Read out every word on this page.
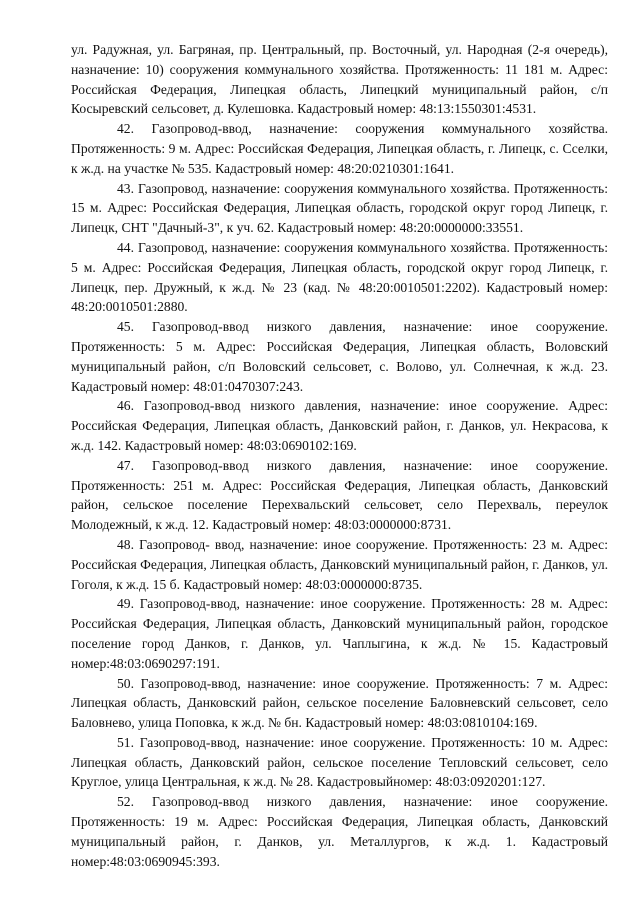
ул. Радужная, ул. Багряная, пр. Центральный, пр. Восточный, ул. Народная (2-я очередь), назначение: 10) сооружения коммунального хозяйства. Протяженность: 11 181 м. Адрес: Российская Федерация, Липецкая область, Липецкий муниципальный район, с/п Косыревский сельсовет, д. Кулешовка. Кадастровый номер: 48:13:1550301:4531.

42. Газопровод-ввод, назначение: сооружения коммунального хозяйства. Протяженность: 9 м. Адрес: Российская Федерация, Липецкая область, г. Липецк, с. Сселки, к ж.д. на участке № 535. Кадастровый номер: 48:20:0210301:1641.

43. Газопровод, назначение: сооружения коммунального хозяйства. Протяженность: 15 м. Адрес: Российская Федерация, Липецкая область, городской округ город Липецк, г. Липецк, СНТ "Дачный-3", к уч. 62. Кадастровый номер: 48:20:0000000:33551.

44. Газопровод, назначение: сооружения коммунального хозяйства. Протяженность: 5 м. Адрес: Российская Федерация, Липецкая область, городской округ город Липецк, г. Липецк, пер. Дружный, к ж.д. № 23 (кад. № 48:20:0010501:2202). Кадастровый номер: 48:20:0010501:2880.

45. Газопровод-ввод низкого давления, назначение: иное сооружение. Протяженность: 5 м. Адрес: Российская Федерация, Липецкая область, Воловский муниципальный район, с/п Воловский сельсовет, с. Волово, ул. Солнечная, к ж.д. 23. Кадастровый номер: 48:01:0470307:243.

46. Газопровод-ввод низкого давления, назначение: иное сооружение. Адрес: Российская Федерация, Липецкая область, Данковский район, г. Данков, ул. Некрасова, к ж.д. 142. Кадастровый номер: 48:03:0690102:169.

47. Газопровод-ввод низкого давления, назначение: иное сооружение. Протяженность: 251 м. Адрес: Российская Федерация, Липецкая область, Данковский район, сельское поселение Перехвальский сельсовет, село Перехваль, переулок Молодежный, к ж.д. 12. Кадастровый номер: 48:03:0000000:8731.

48. Газопровод- ввод, назначение: иное сооружение. Протяженность: 23 м. Адрес: Российская Федерация, Липецкая область, Данковский муниципальный район, г. Данков, ул. Гоголя, к ж.д. 15 б. Кадастровый номер: 48:03:0000000:8735.

49. Газопровод-ввод, назначение: иное сооружение. Протяженность: 28 м. Адрес: Российская Федерация, Липецкая область, Данковский муниципальный район, городское поселение город Данков, г. Данков, ул. Чаплыгина, к ж.д. № 15. Кадастровый номер:48:03:0690297:191.

50. Газопровод-ввод, назначение: иное сооружение. Протяженность: 7 м. Адрес: Липецкая область, Данковский район, сельское поселение Баловневский сельсовет, село Баловнево, улица Поповка, к ж.д. № бн. Кадастровый номер: 48:03:0810104:169.

51. Газопровод-ввод, назначение: иное сооружение. Протяженность: 10 м. Адрес: Липецкая область, Данковский район, сельское поселение Тепловский сельсовет, село Круглое, улица Центральная, к ж.д. № 28. Кадастровыйномер: 48:03:0920201:127.

52. Газопровод-ввод низкого давления, назначение: иное сооружение. Протяженность: 19 м. Адрес: Российская Федерация, Липецкая область, Данковский муниципальный район, г. Данков, ул. Металлургов, к ж.д. 1. Кадастровый номер:48:03:0690945:393.
